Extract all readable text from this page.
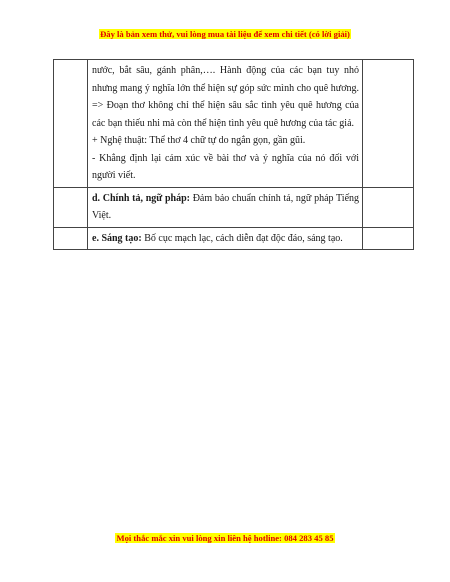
Đây là bản xem thử, vui lòng mua tài liệu để xem chi tiết (có lời giải)

	nước, bắt sâu, gánh phân,…. Hành động của các bạn tuy nhỏ nhưng mang ý nghĩa lớn thể hiện sự góp sức mình cho quê hương. => Đoạn thơ không chỉ thể hiện sâu sắc tình yêu quê hương của các bạn thiếu nhi mà còn thể hiện tình yêu quê hương của tác giả.

+ Nghệ thuật: Thể thơ 4 chữ tự do ngắn gọn, gần gũi.

- Khẳng định lại cảm xúc về bài thơ và ý nghĩa của nó đối với người viết.	

	d. Chính tả, ngữ pháp: Đảm bảo chuẩn chính tả, ngữ pháp Tiếng Việt.	

	e. Sáng tạo: Bố cục mạch lạc, cách diễn đạt độc đáo, sáng tạo.	

Mọi thắc mắc xin vui lòng xin liên hệ hotline: 084 283 45 85
